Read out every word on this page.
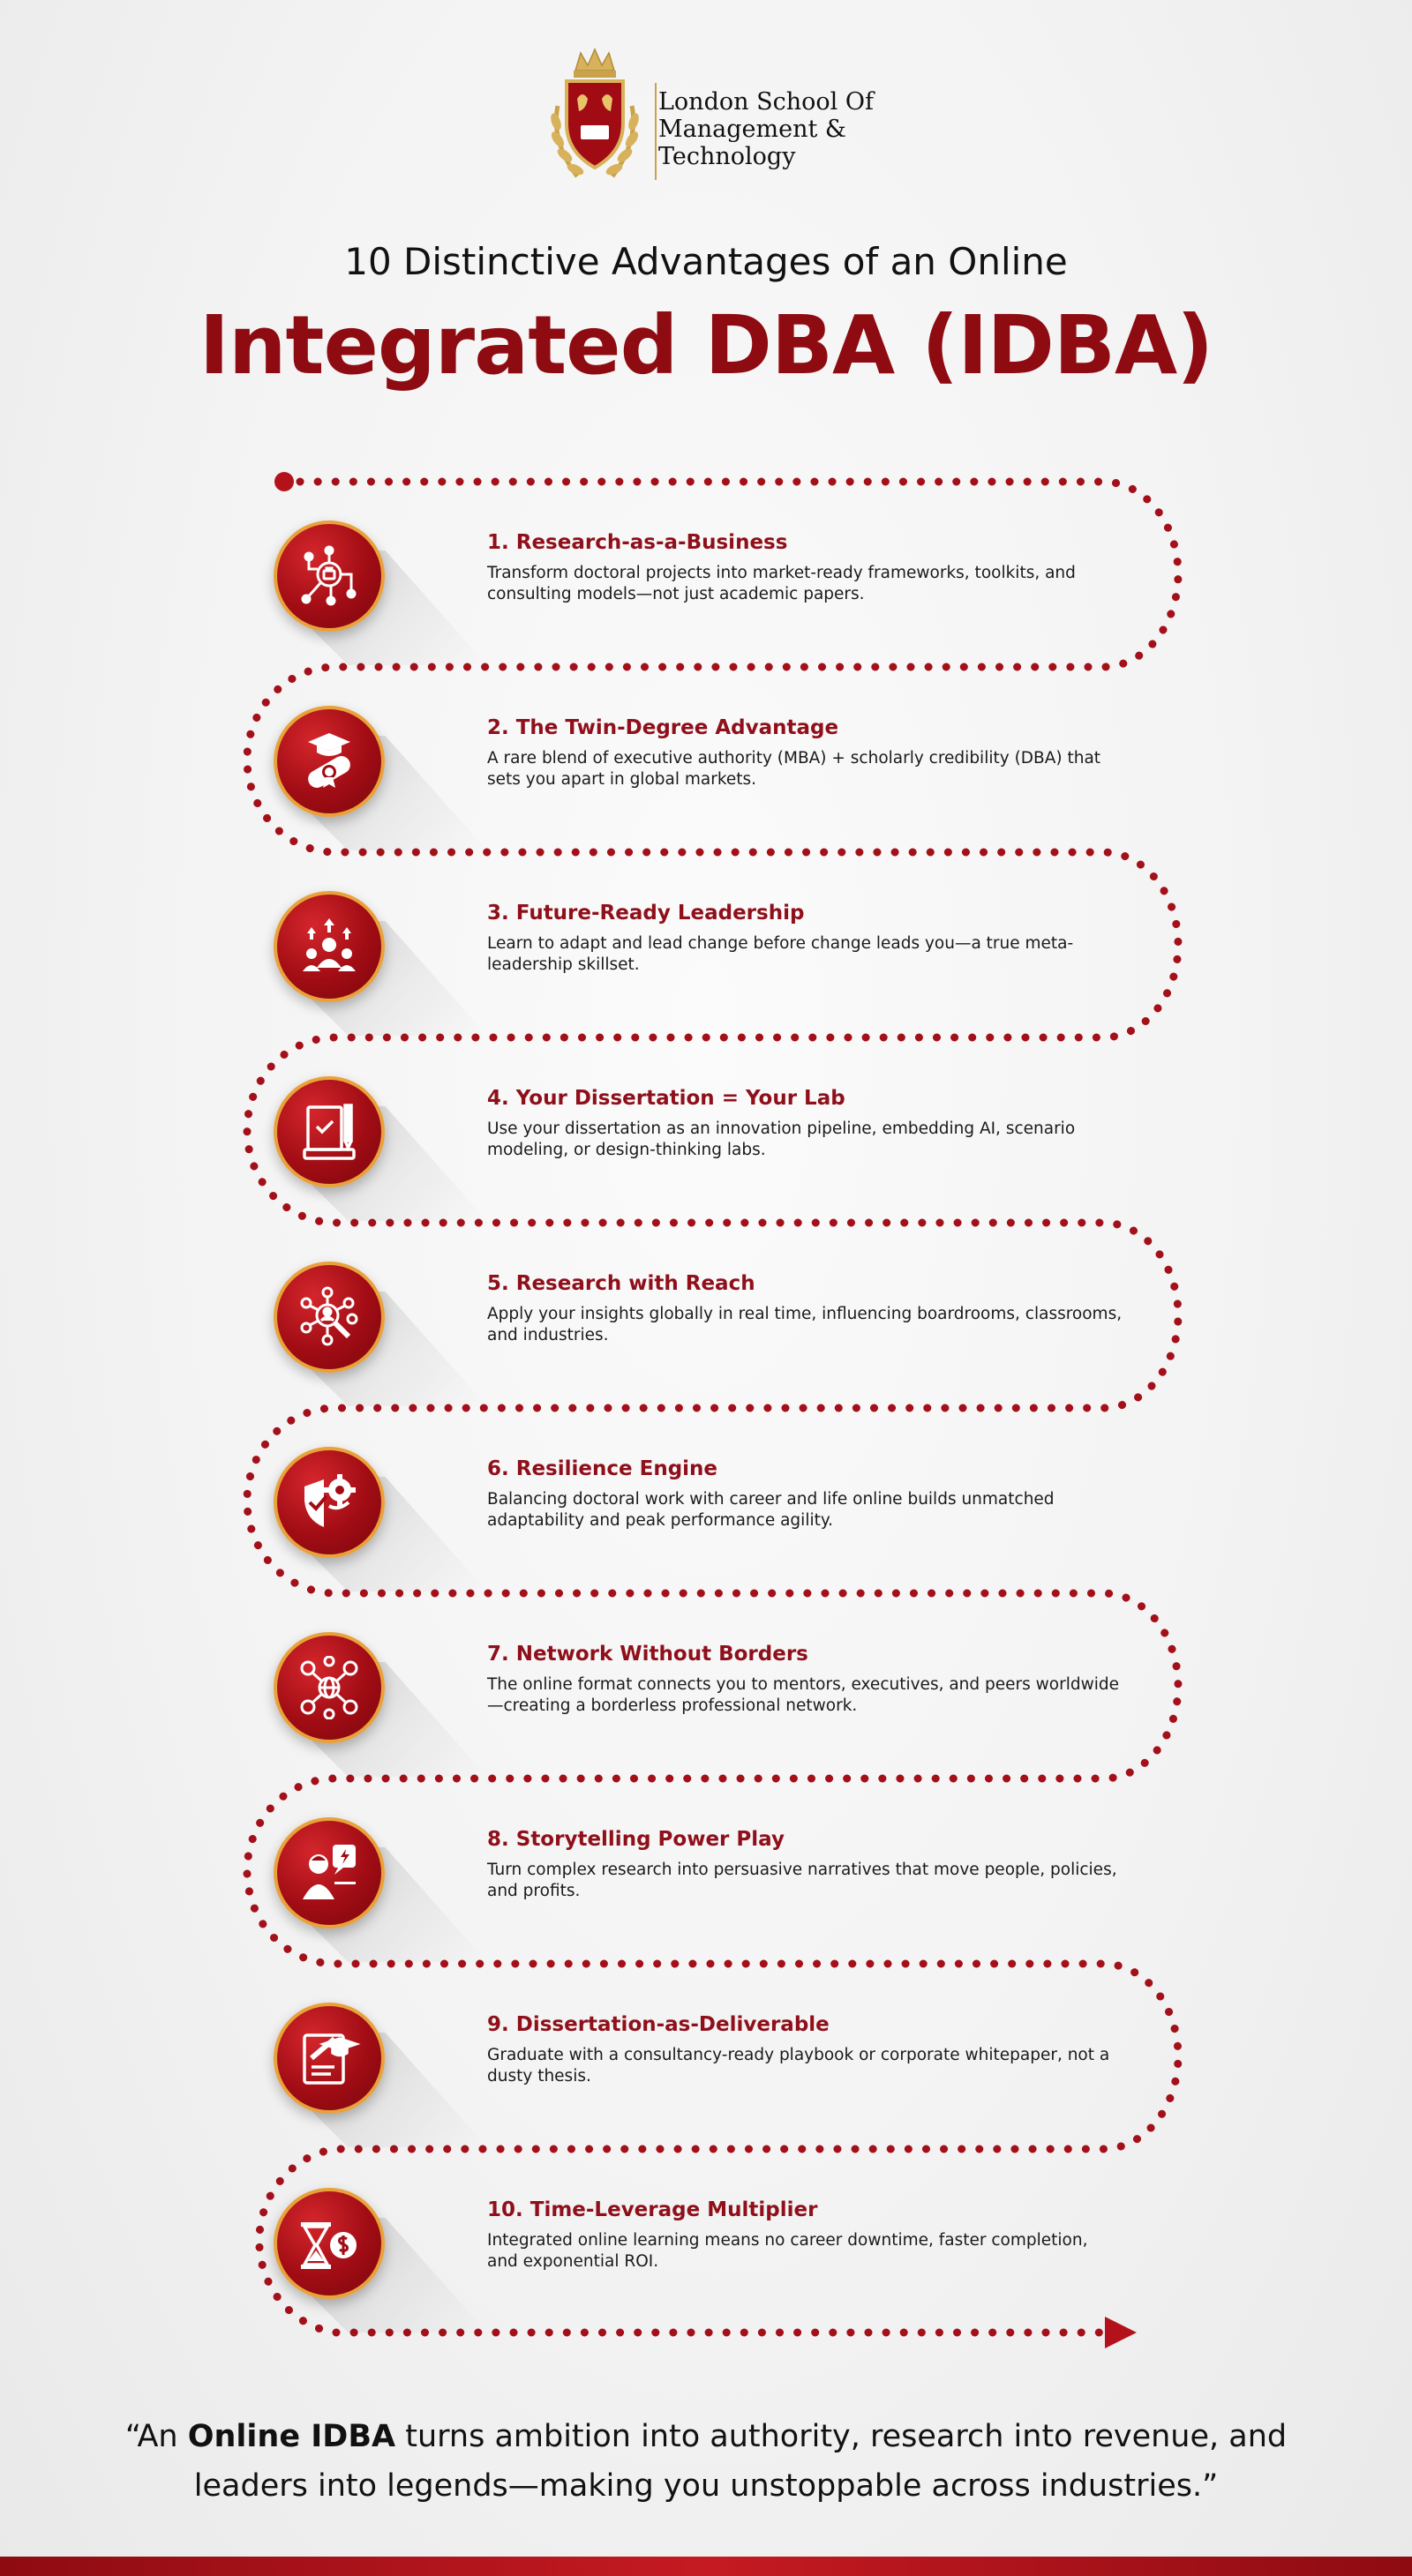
London School Of
Management &
Technology
10 Distinctive Advantages of an Online
Integrated DBA (IDBA)
1. Research-as-a-Business
Transform doctoral projects into market-ready frameworks, toolkits, and consulting models—not just academic papers.
2. The Twin-Degree Advantage
A rare blend of executive authority (MBA) + scholarly credibility (DBA) that sets you apart in global markets.
3. Future-Ready Leadership
Learn to adapt and lead change before change leads you—a true meta-leadership skillset.
4. Your Dissertation = Your Lab
Use your dissertation as an innovation pipeline, embedding AI, scenario modeling, or design-thinking labs.
5. Research with Reach
Apply your insights globally in real time, influencing boardrooms, classrooms, and industries.
6. Resilience Engine
Balancing doctoral work with career and life online builds unmatched adaptability and peak performance agility.
7. Network Without Borders
The online format connects you to mentors, executives, and peers worldwide—creating a borderless professional network.
8. Storytelling Power Play
Turn complex research into persuasive narratives that move people, policies, and profits.
9. Dissertation-as-Deliverable
Graduate with a consultancy-ready playbook or corporate whitepaper, not a dusty thesis.
10. Time-Leverage Multiplier
Integrated online learning means no career downtime, faster completion, and exponential ROI.
“An Online IDBA turns ambition into authority, research into revenue, and leaders into legends—making you unstoppable across industries.”
